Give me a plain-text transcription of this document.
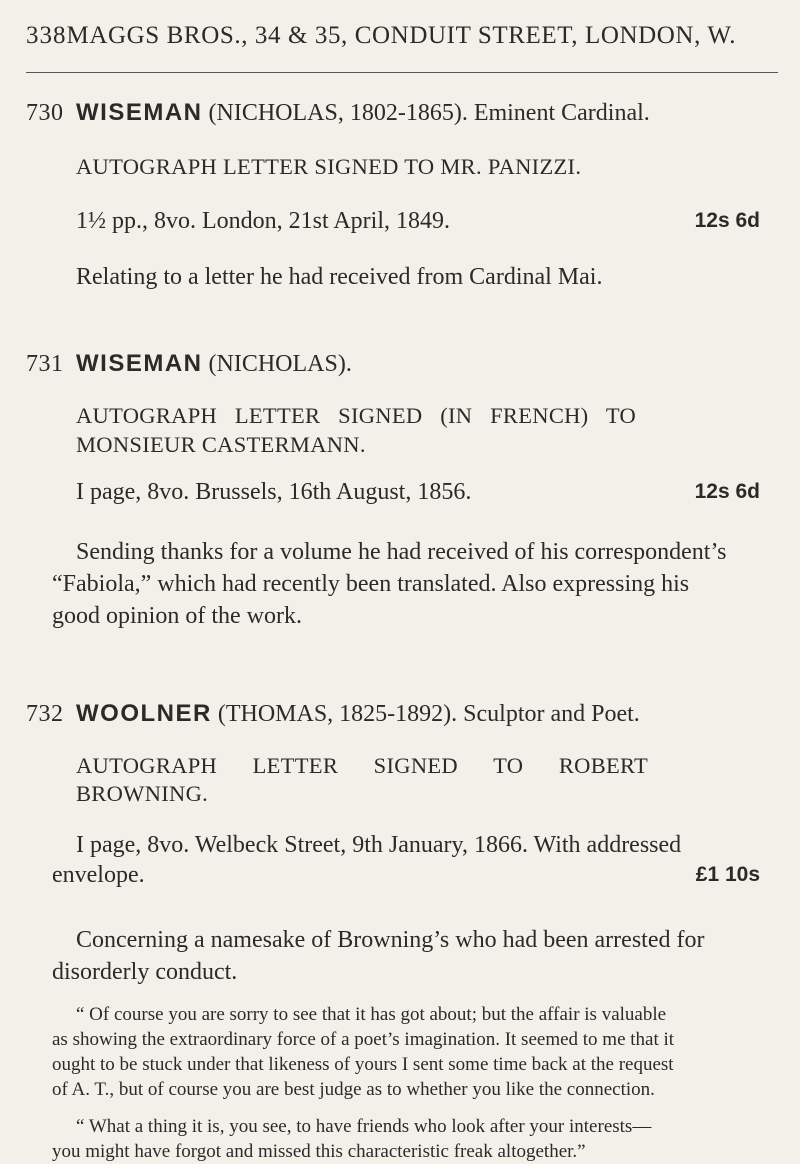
338 MAGGS BROS., 34 & 35, CONDUIT STREET, LONDON, W.
730 WISEMAN (NICHOLAS, 1802-1865). Eminent Cardinal.
AUTOGRAPH LETTER SIGNED TO MR. PANIZZI.
1½ pp., 8vo. London, 21st April, 1849.	12s 6d
Relating to a letter he had received from Cardinal Mai.
731 WISEMAN (NICHOLAS).
AUTOGRAPH   LETTER   SIGNED   (IN   FRENCH)   TO
MONSIEUR CASTERMANN.
I page, 8vo. Brussels, 16th August, 1856.	12s 6d
Sending thanks for a volume he had received of his correspondent’s
“Fabiola,” which had recently been translated. Also expressing his
good opinion of the work.
732 WOOLNER (THOMAS, 1825-1892). Sculptor and Poet.
AUTOGRAPH      LETTER      SIGNED      TO      ROBERT
BROWNING.
I page, 8vo. Welbeck Street, 9th January, 1866. With addressed
envelope.	£1 10s
Concerning a namesake of Browning’s who had been arrested for
disorderly conduct.
“ Of course you are sorry to see that it has got about; but the affair is valuable
as showing the extraordinary force of a poet’s imagination. It seemed to me that it
ought to be stuck under that likeness of yours I sent some time back at the request
of A. T., but of course you are best judge as to whether you like the connection.
“ What a thing it is, you see, to have friends who look after your interests—
you might have forgot and missed this characteristic freak altogether.”
